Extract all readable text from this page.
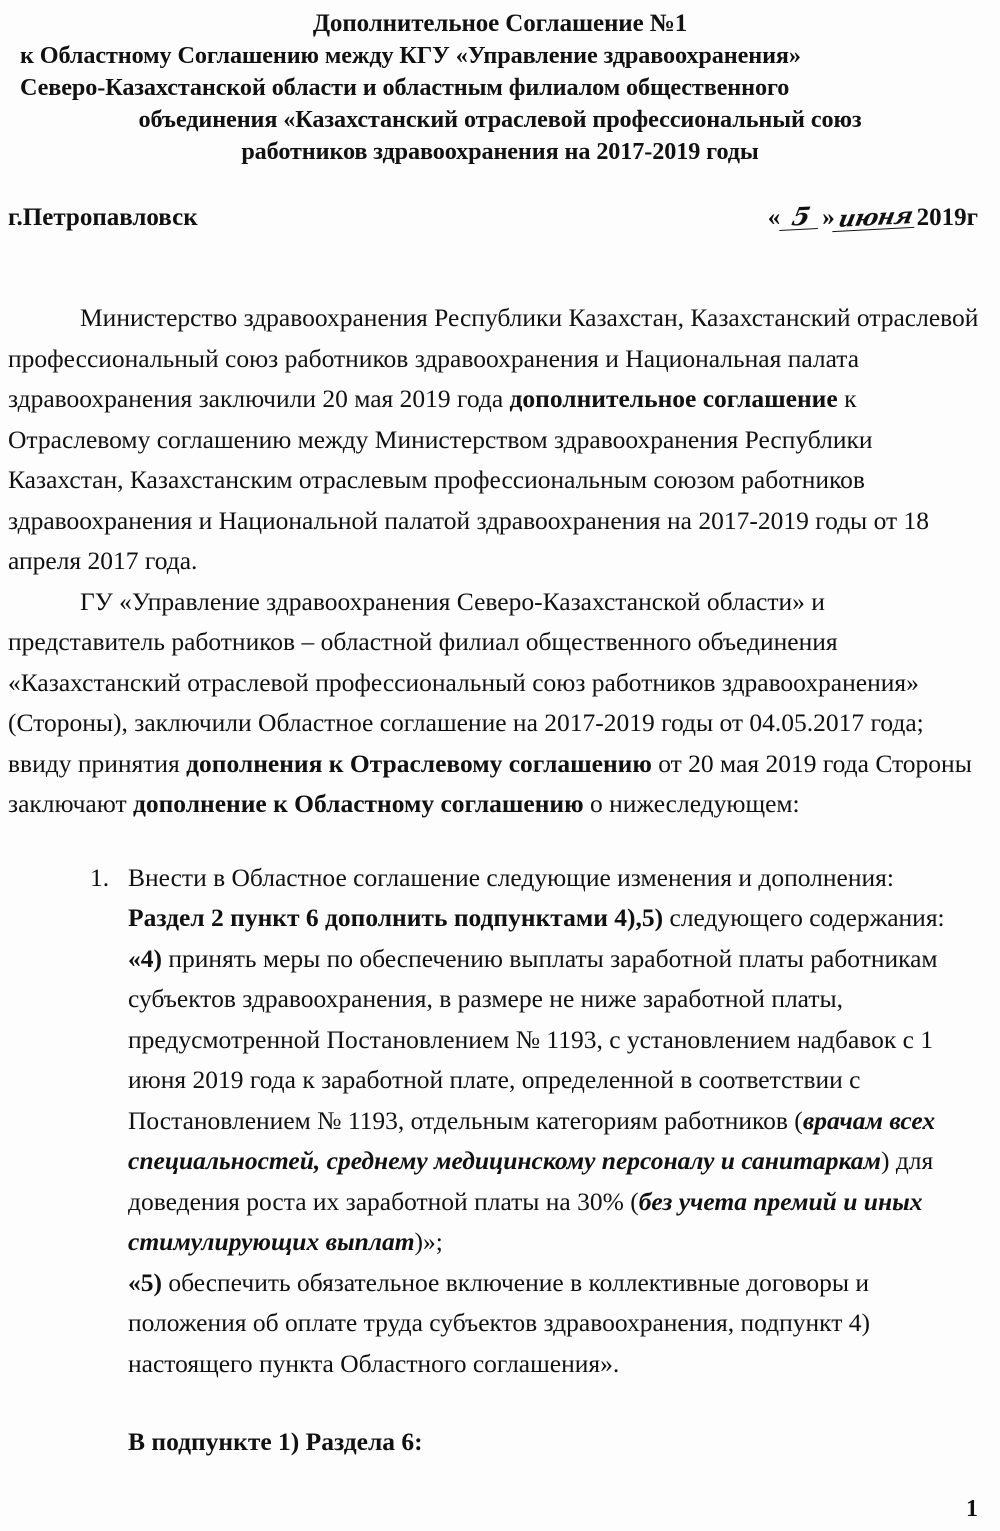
Дополнительное Соглашение №1
к Областному Соглашению между КГУ «Управление здравоохранения»
Северо-Казахстанской области и областным филиалом общественного
объединения «Казахстанский отраслевой профессиональный союз
работников здравоохранения на 2017-2019 годы
г.Петропавловск	« 5 » июня 2019г

Министерство здравоохранения Республики Казахстан, Казахстанский отраслевой профессиональный союз работников здравоохранения и Национальная палата здравоохранения заключили 20 мая 2019 года дополнительное соглашение к Отраслевому соглашению между Министерством здравоохранения Республики Казахстан, Казахстанским отраслевым профессиональным союзом работников здравоохранения и Национальной палатой здравоохранения на 2017-2019 годы от 18 апреля 2017 года.

ГУ «Управление здравоохранения Северо-Казахстанской области» и представитель работников – областной филиал общественного объединения «Казахстанский отраслевой профессиональный союз работников здравоохранения» (Стороны), заключили Областное соглашение на 2017-2019 годы от 04.05.2017 года; ввиду принятия дополнения к Отраслевому соглашению от 20 мая 2019 года Стороны заключают дополнение к Областному соглашению о нижеследующем:

1. Внести в Областное соглашение следующие изменения и дополнения:
Раздел 2 пункт 6 дополнить подпунктами 4),5) следующего содержания:
«4) принять меры по обеспечению выплаты заработной платы работникам субъектов здравоохранения, в размере не ниже заработной платы, предусмотренной Постановлением № 1193, с установлением надбавок с 1 июня 2019 года к заработной плате, определенной в соответствии с Постановлением № 1193, отдельным категориям работников (врачам всех специальностей, среднему медицинскому персоналу и санитаркам) для доведения роста их заработной платы на 30% (без учета премий и иных стимулирующих выплат)»;
«5) обеспечить обязательное включение в коллективные договоры и положения об оплате труда субъектов здравоохранения, подпункт 4) настоящего пункта Областного соглашения».
В подпункте 1) Раздела 6:
1
